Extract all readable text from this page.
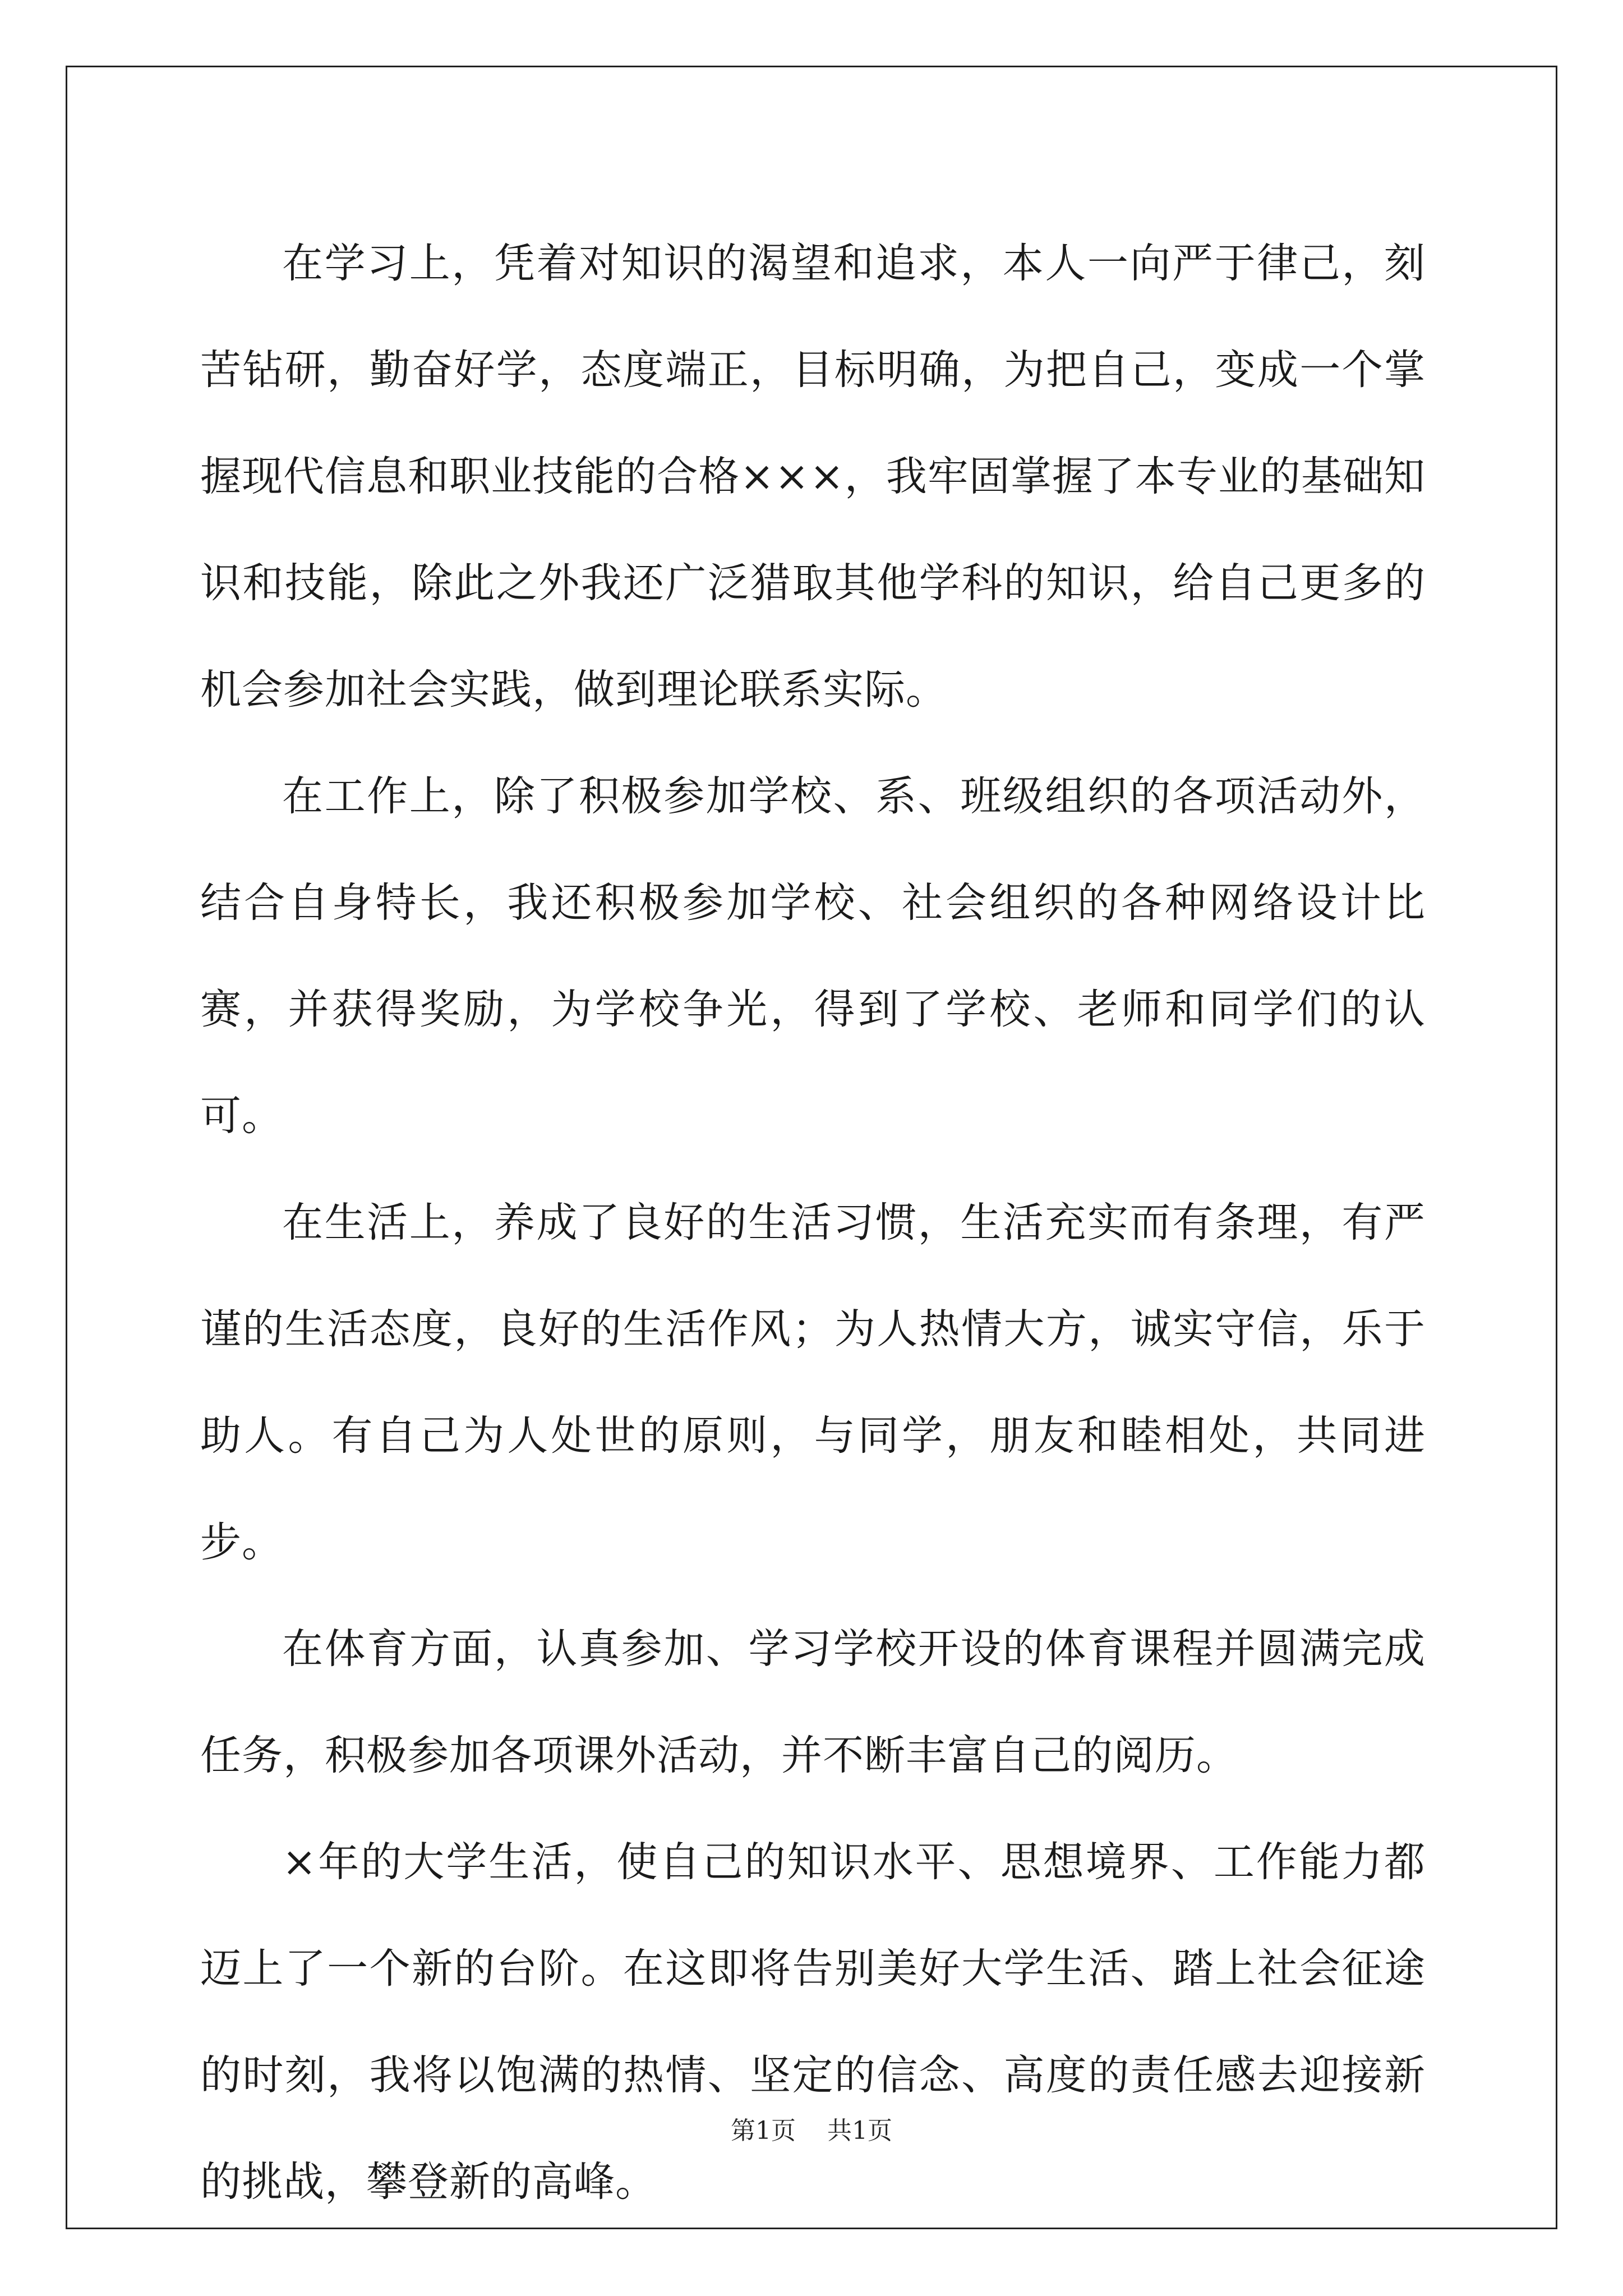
在学习上，凭着对知识的渴望和追求，本人一向严于律己，刻苦钻研，勤奋好学，态度端正，目标明确，为把自己，变成一个掌握现代信息和职业技能的合格×××，我牢固掌握了本专业的基础知识和技能，除此之外我还广泛猎取其他学科的知识，给自己更多的机会参加社会实践，做到理论联系实际。

在工作上，除了积极参加学校、系、班级组织的各项活动外，结合自身特长，我还积极参加学校、社会组织的各种网络设计比赛，并获得奖励，为学校争光，得到了学校、老师和同学们的认可。

在生活上，养成了良好的生活习惯，生活充实而有条理，有严谨的生活态度，良好的生活作风；为人热情大方，诚实守信，乐于助人。有自己为人处世的原则，与同学，朋友和睦相处，共同进步。

在体育方面，认真参加、学习学校开设的体育课程并圆满完成任务，积极参加各项课外活动，并不断丰富自己的阅历。

×年的大学生活，使自己的知识水平、思想境界、工作能力都迈上了一个新的台阶。在这即将告别美好大学生活、踏上社会征途的时刻，我将以饱满的热情、坚定的信念、高度的责任感去迎接新的挑战，攀登新的高峰。

第1页 共1页
